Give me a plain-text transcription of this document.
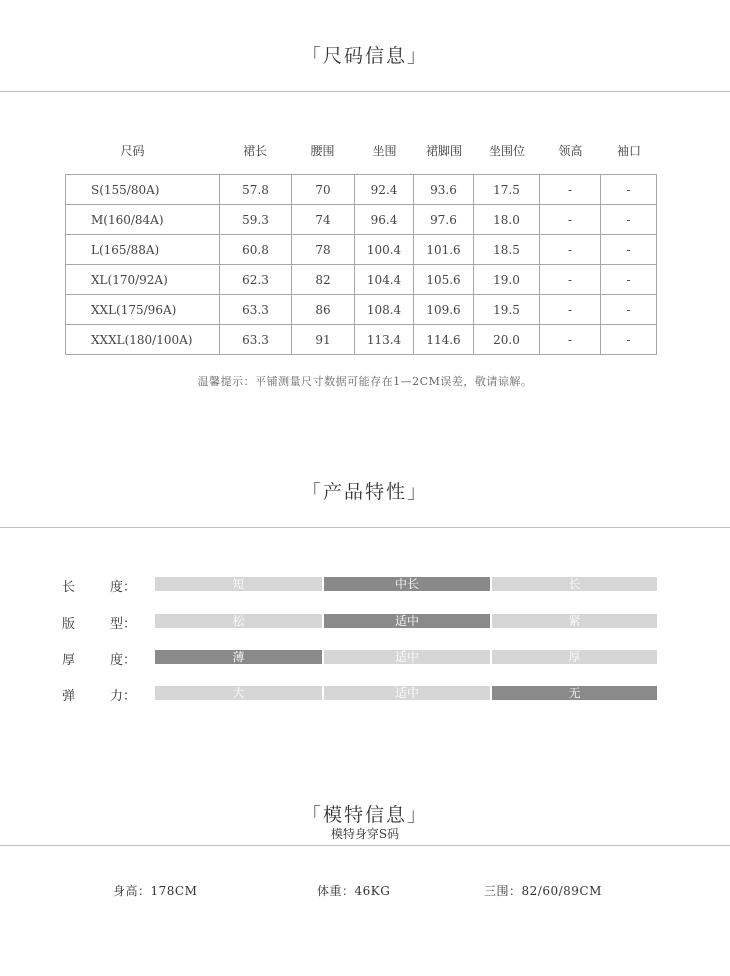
「尺码信息」
尺码	裙长	腰围	坐围	裙脚围	坐围位	领高	袖口
S(155/80A)	57.8	70	92.4	93.6	17.5	-	-
M(160/84A)	59.3	74	96.4	97.6	18.0	-	-
L(165/88A)	60.8	78	100.4	101.6	18.5	-	-
XL(170/92A)	62.3	82	104.4	105.6	19.0	-	-
XXL(175/96A)	63.3	86	108.4	109.6	19.5	-	-
XXXL(180/100A)	63.3	91	113.4	114.6	20.0	-	-
温馨提示：平铺测量尺寸数据可能存在1—2CM误差，敬请谅解。
「产品特性」
长	度：	短	中长	长
版	型：	松	适中	紧
厚	度：	薄	适中	厚
弹	力：	大	适中	无
「模特信息」
模特身穿S码
身高：178CM	体重：46KG	三围：82/60/89CM
